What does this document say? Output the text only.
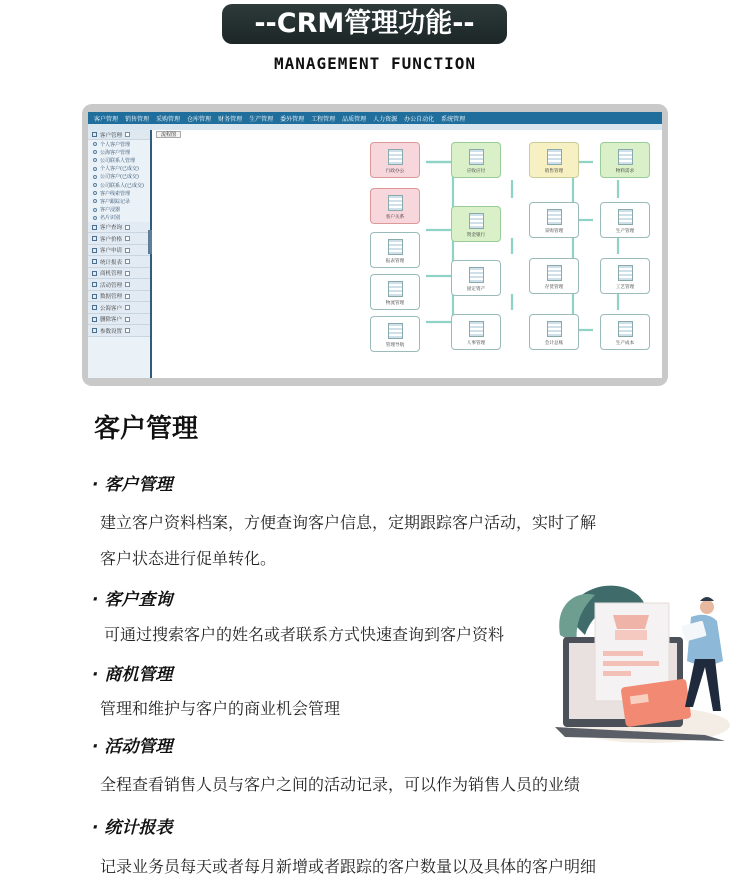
--CRM管理功能--
MANAGEMENT FUNCTION
客户管理 销售管理 采购管理 仓库管理 财务管理 生产管理 委外管理 工程管理 品质管理 人力资源 办公自动化 系统管理
客户管理
个人客户管理
公海客户管理
公司联系人管理
个人客户(已成交)
公司客户(已成交)
公司联系人(已成交)
客户线索管理
客户跟踪记录
客户浸器
名片识别
客户查询
客户价格
客户申请
统计报表
商机管理
活动管理
数据管理
公海客户
删除客户
参数设置
流程图
行政办公
客户关系
报表管理
物流管理
管理导航
应收应付
资金银行
固定资产
人事管理
销售管理
采购管理
存货管理
会计总账
物料需求
生产管理
工艺管理
生产成本
客户管理
· 客户管理
建立客户资料档案，方便查询客户信息，定期跟踪客户活动，实时了解
客户状态进行促单转化。
· 客户查询
可通过搜索客户的姓名或者联系方式快速查询到客户资料
· 商机管理
管理和维护与客户的商业机会管理
· 活动管理
全程查看销售人员与客户之间的活动记录，可以作为销售人员的业绩
· 统计报表
记录业务员每天或者每月新增或者跟踪的客户数量以及具体的客户明细
